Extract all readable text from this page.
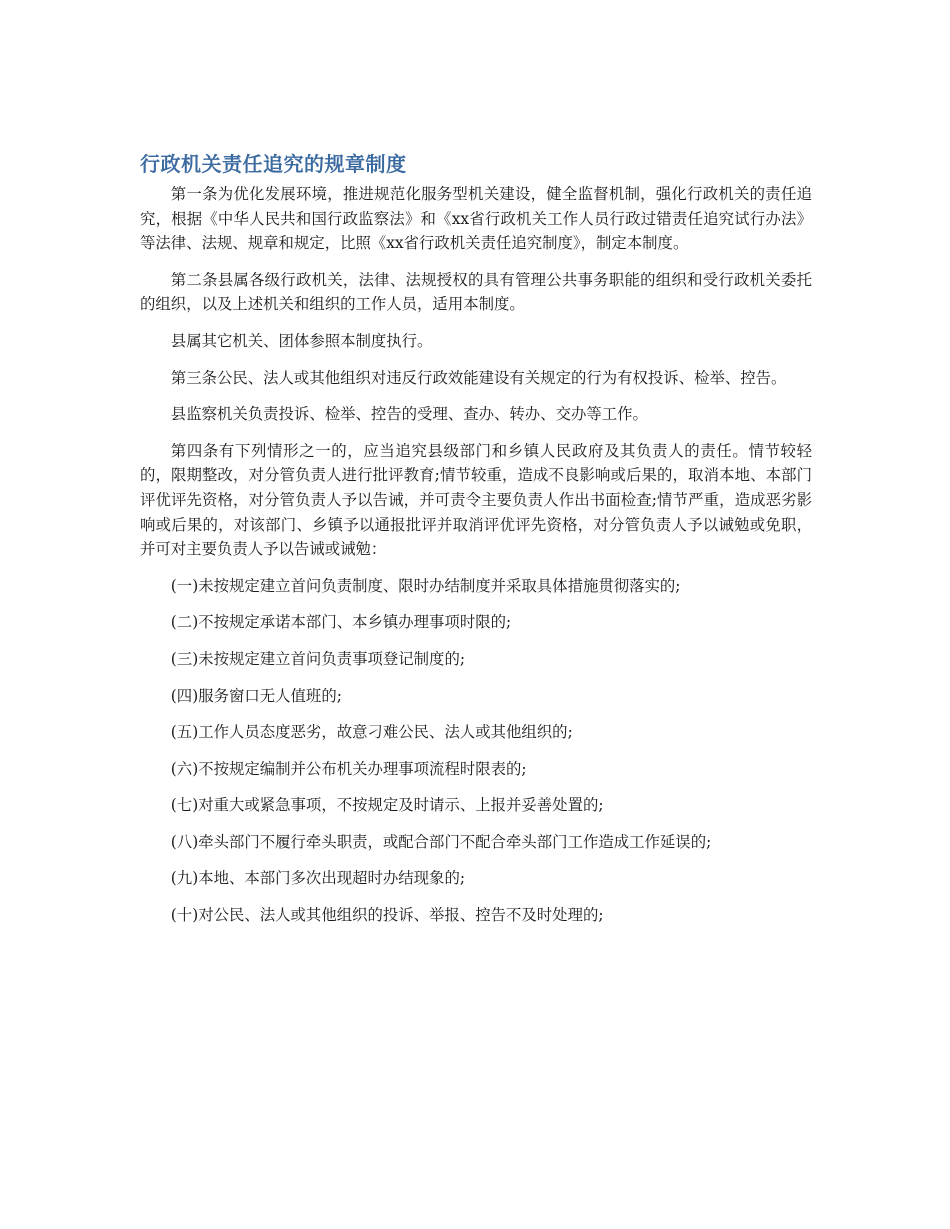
行政机关责任追究的规章制度

第一条为优化发展环境，推进规范化服务型机关建设，健全监督机制，强化行政机关的责任追究，根据《中华人民共和国行政监察法》和《xx省行政机关工作人员行政过错责任追究试行办法》等法律、法规、规章和规定，比照《xx省行政机关责任追究制度》，制定本制度。

第二条县属各级行政机关，法律、法规授权的具有管理公共事务职能的组织和受行政机关委托的组织，以及上述机关和组织的工作人员，适用本制度。

县属其它机关、团体参照本制度执行。

第三条公民、法人或其他组织对违反行政效能建设有关规定的行为有权投诉、检举、控告。

县监察机关负责投诉、检举、控告的受理、查办、转办、交办等工作。

第四条有下列情形之一的，应当追究县级部门和乡镇人民政府及其负责人的责任。情节较轻的，限期整改，对分管负责人进行批评教育;情节较重，造成不良影响或后果的，取消本地、本部门评优评先资格，对分管负责人予以告诫，并可责令主要负责人作出书面检查;情节严重，造成恶劣影响或后果的，对该部门、乡镇予以通报批评并取消评优评先资格，对分管负责人予以诫勉或免职，并可对主要负责人予以告诫或诫勉：

(一)未按规定建立首问负责制度、限时办结制度并采取具体措施贯彻落实的;

(二)不按规定承诺本部门、本乡镇办理事项时限的;

(三)未按规定建立首问负责事项登记制度的;

(四)服务窗口无人值班的;

(五)工作人员态度恶劣，故意刁难公民、法人或其他组织的;

(六)不按规定编制并公布机关办理事项流程时限表的;

(七)对重大或紧急事项，不按规定及时请示、上报并妥善处置的;

(八)牵头部门不履行牵头职责，或配合部门不配合牵头部门工作造成工作延误的;

(九)本地、本部门多次出现超时办结现象的;

(十)对公民、法人或其他组织的投诉、举报、控告不及时处理的;
